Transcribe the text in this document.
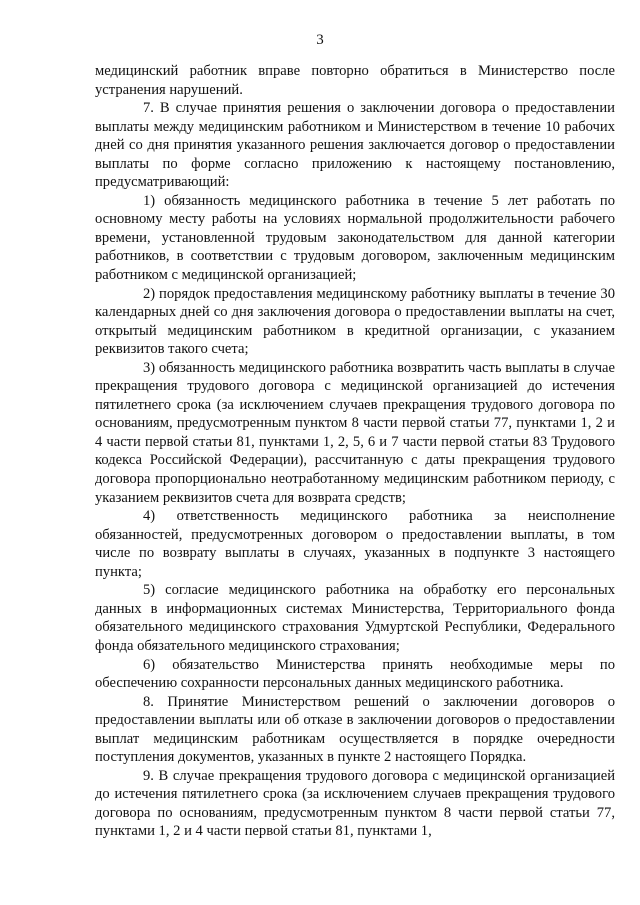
3

медицинский работник вправе повторно обратиться в Министерство после устранения нарушений.

7. В случае принятия решения о заключении договора о предоставлении выплаты между медицинским работником и Министерством в течение 10 рабочих дней со дня принятия указанного решения заключается договор о предоставлении выплаты по форме согласно приложению к настоящему постановлению, предусматривающий:

1) обязанность медицинского работника в течение 5 лет работать по основному месту работы на условиях нормальной продолжительности рабочего времени, установленной трудовым законодательством для данной категории работников, в соответствии с трудовым договором, заключенным медицинским работником с медицинской организацией;

2) порядок предоставления медицинскому работнику выплаты в течение 30 календарных дней со дня заключения договора о предоставлении выплаты на счет, открытый медицинским работником в кредитной организации, с указанием реквизитов такого счета;

3) обязанность медицинского работника возвратить часть выплаты в случае прекращения трудового договора с медицинской организацией до истечения пятилетнего срока (за исключением случаев прекращения трудового договора по основаниям, предусмотренным пунктом 8 части первой статьи 77, пунктами 1, 2 и 4 части первой статьи 81, пунктами 1, 2, 5, 6 и 7 части первой статьи 83 Трудового кодекса Российской Федерации), рассчитанную с даты прекращения трудового договора пропорционально неотработанному медицинским работником периоду, с указанием реквизитов счета для возврата средств;

4) ответственность медицинского работника за неисполнение обязанностей, предусмотренных договором о предоставлении выплаты, в том числе по возврату выплаты в случаях, указанных в подпункте 3 настоящего пункта;

5) согласие медицинского работника на обработку его персональных данных в информационных системах Министерства, Территориального фонда обязательного медицинского страхования Удмуртской Республики, Федерального фонда обязательного медицинского страхования;

6) обязательство Министерства принять необходимые меры по обеспечению сохранности персональных данных медицинского работника.

8. Принятие Министерством решений о заключении договоров о предоставлении выплаты или об отказе в заключении договоров о предоставлении выплат медицинским работникам осуществляется в порядке очередности поступления документов, указанных в пункте 2 настоящего Порядка.

9. В случае прекращения трудового договора с медицинской организацией до истечения пятилетнего срока (за исключением случаев прекращения трудового договора по основаниям, предусмотренным пунктом 8 части первой статьи 77, пунктами 1, 2 и 4 части первой статьи 81, пунктами 1,
